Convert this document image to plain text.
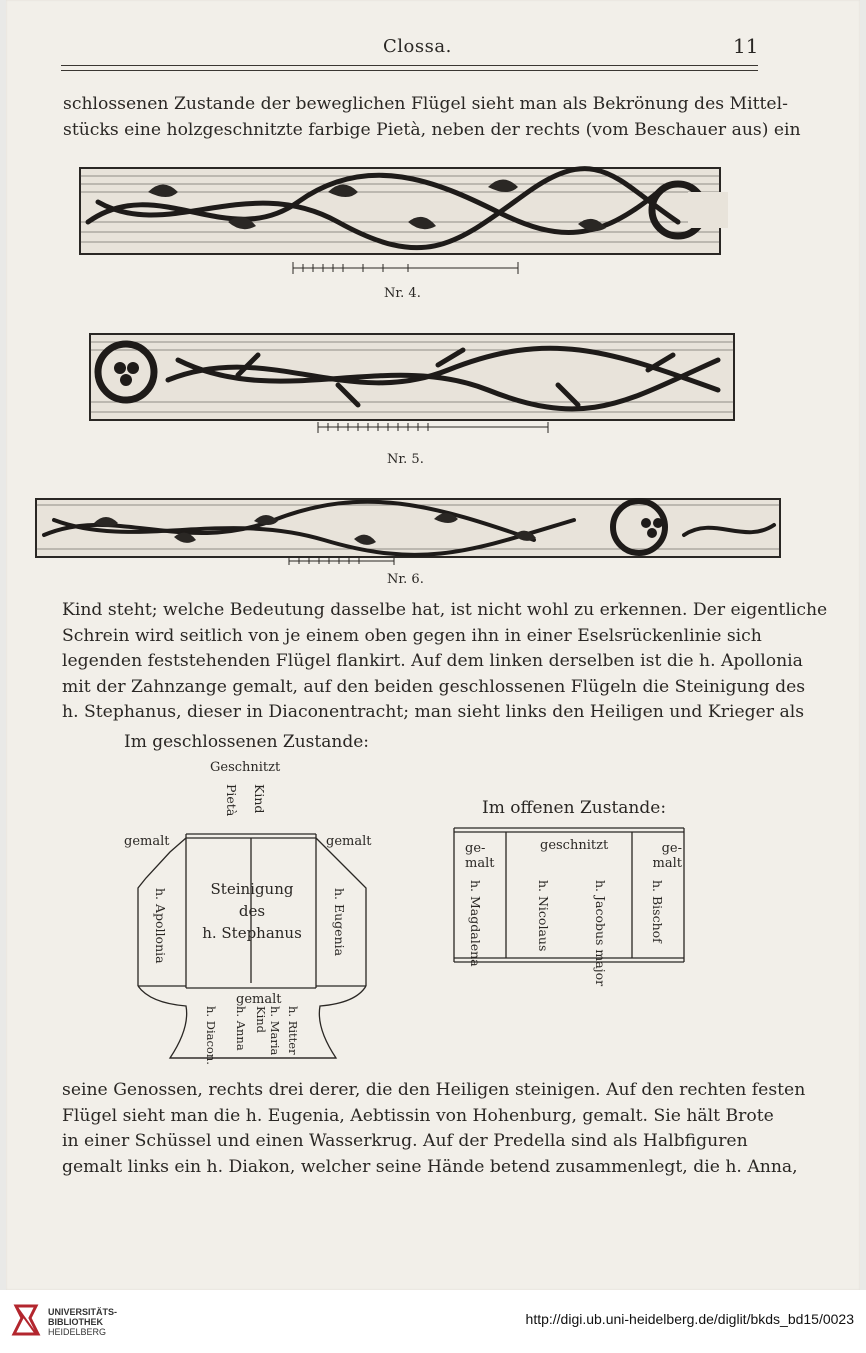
Clossa.	11
schlossenen Zustande der beweglichen Flügel sieht man als Bekrönung des Mittel-
stücks eine holzgeschnitzte farbige Pietà, neben der rechts (vom Beschauer aus) ein
Nr. 4.
Nr. 5.
Nr. 6.
Kind steht; welche Bedeutung dasselbe hat, ist nicht wohl zu erkennen. Der eigentliche
Schrein wird seitlich von je einem oben gegen ihn in einer Eselsrückenlinie sich
legenden feststehenden Flügel flankirt. Auf dem linken derselben ist die h. Apollonia
mit der Zahnzange gemalt, auf den beiden geschlossenen Flügeln die Steinigung des
h. Stephanus, dieser in Diaconentracht; man sieht links den Heiligen und Krieger als
Im geschlossenen Zustande:
Geschnitzt
Pietà Kind
gemalt	gemalt
h. Apollonia	h. Eugenia
Steinigung
des
h. Stephanus
gemalt
h. Diacon. h. Anna Kind h. Maria h. Ritter
Im offenen Zustande:
ge-malt
geschnitzt	ge-malt
h. Magdalena	h. Nicolaus	h. Jacobus major	h. Bischof
seine Genossen, rechts drei derer, die den Heiligen steinigen. Auf den rechten festen
Flügel sieht man die h. Eugenia, Aebtissin von Hohenburg, gemalt. Sie hält Brote
in einer Schüssel und einen Wasserkrug. Auf der Predella sind als Halbfiguren
gemalt links ein h. Diakon, welcher seine Hände betend zusammenlegt, die h. Anna,
UNIVERSITÄTS-
BIBLIOTHEK
HEIDELBERG
http://digi.ub.uni-heidelberg.de/diglit/bkds_bd15/0023
